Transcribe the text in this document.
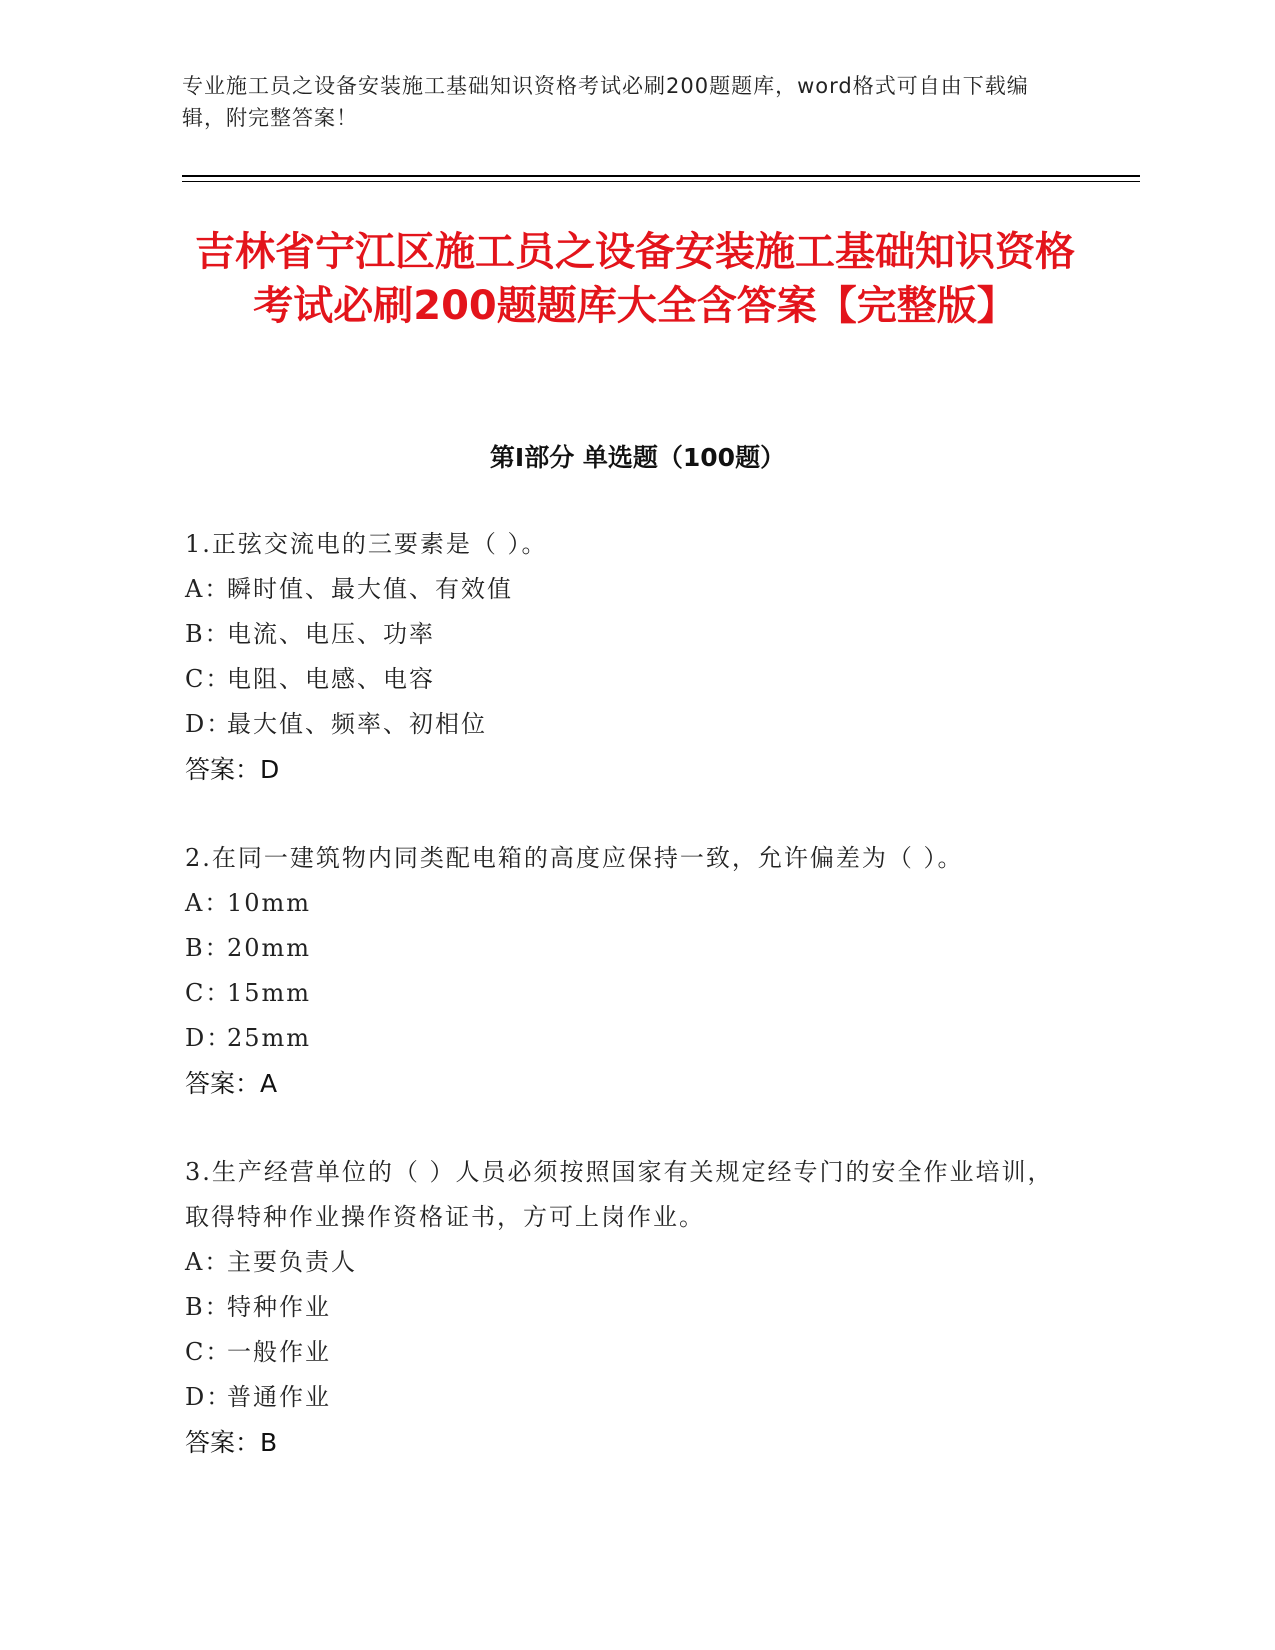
专业施工员之设备安装施工基础知识资格考试必刷200题题库，word格式可自由下载编辑，附完整答案！
吉林省宁江区施工员之设备安装施工基础知识资格考试必刷200题题库大全含答案【完整版】
第Ⅰ部分 单选题（100题）
1.正弦交流电的三要素是（ ）。
A：瞬时值、最大值、有效值
B：电流、电压、功率
C：电阻、电感、电容
D：最大值、频率、初相位
答案：D
2.在同一建筑物内同类配电箱的高度应保持一致，允许偏差为（ ）。
A：10mm
B：20mm
C：15mm
D：25mm
答案：A
3.生产经营单位的（ ）人员必须按照国家有关规定经专门的安全作业培训，取得特种作业操作资格证书，方可上岗作业。
A：主要负责人
B：特种作业
C：一般作业
D：普通作业
答案：B
